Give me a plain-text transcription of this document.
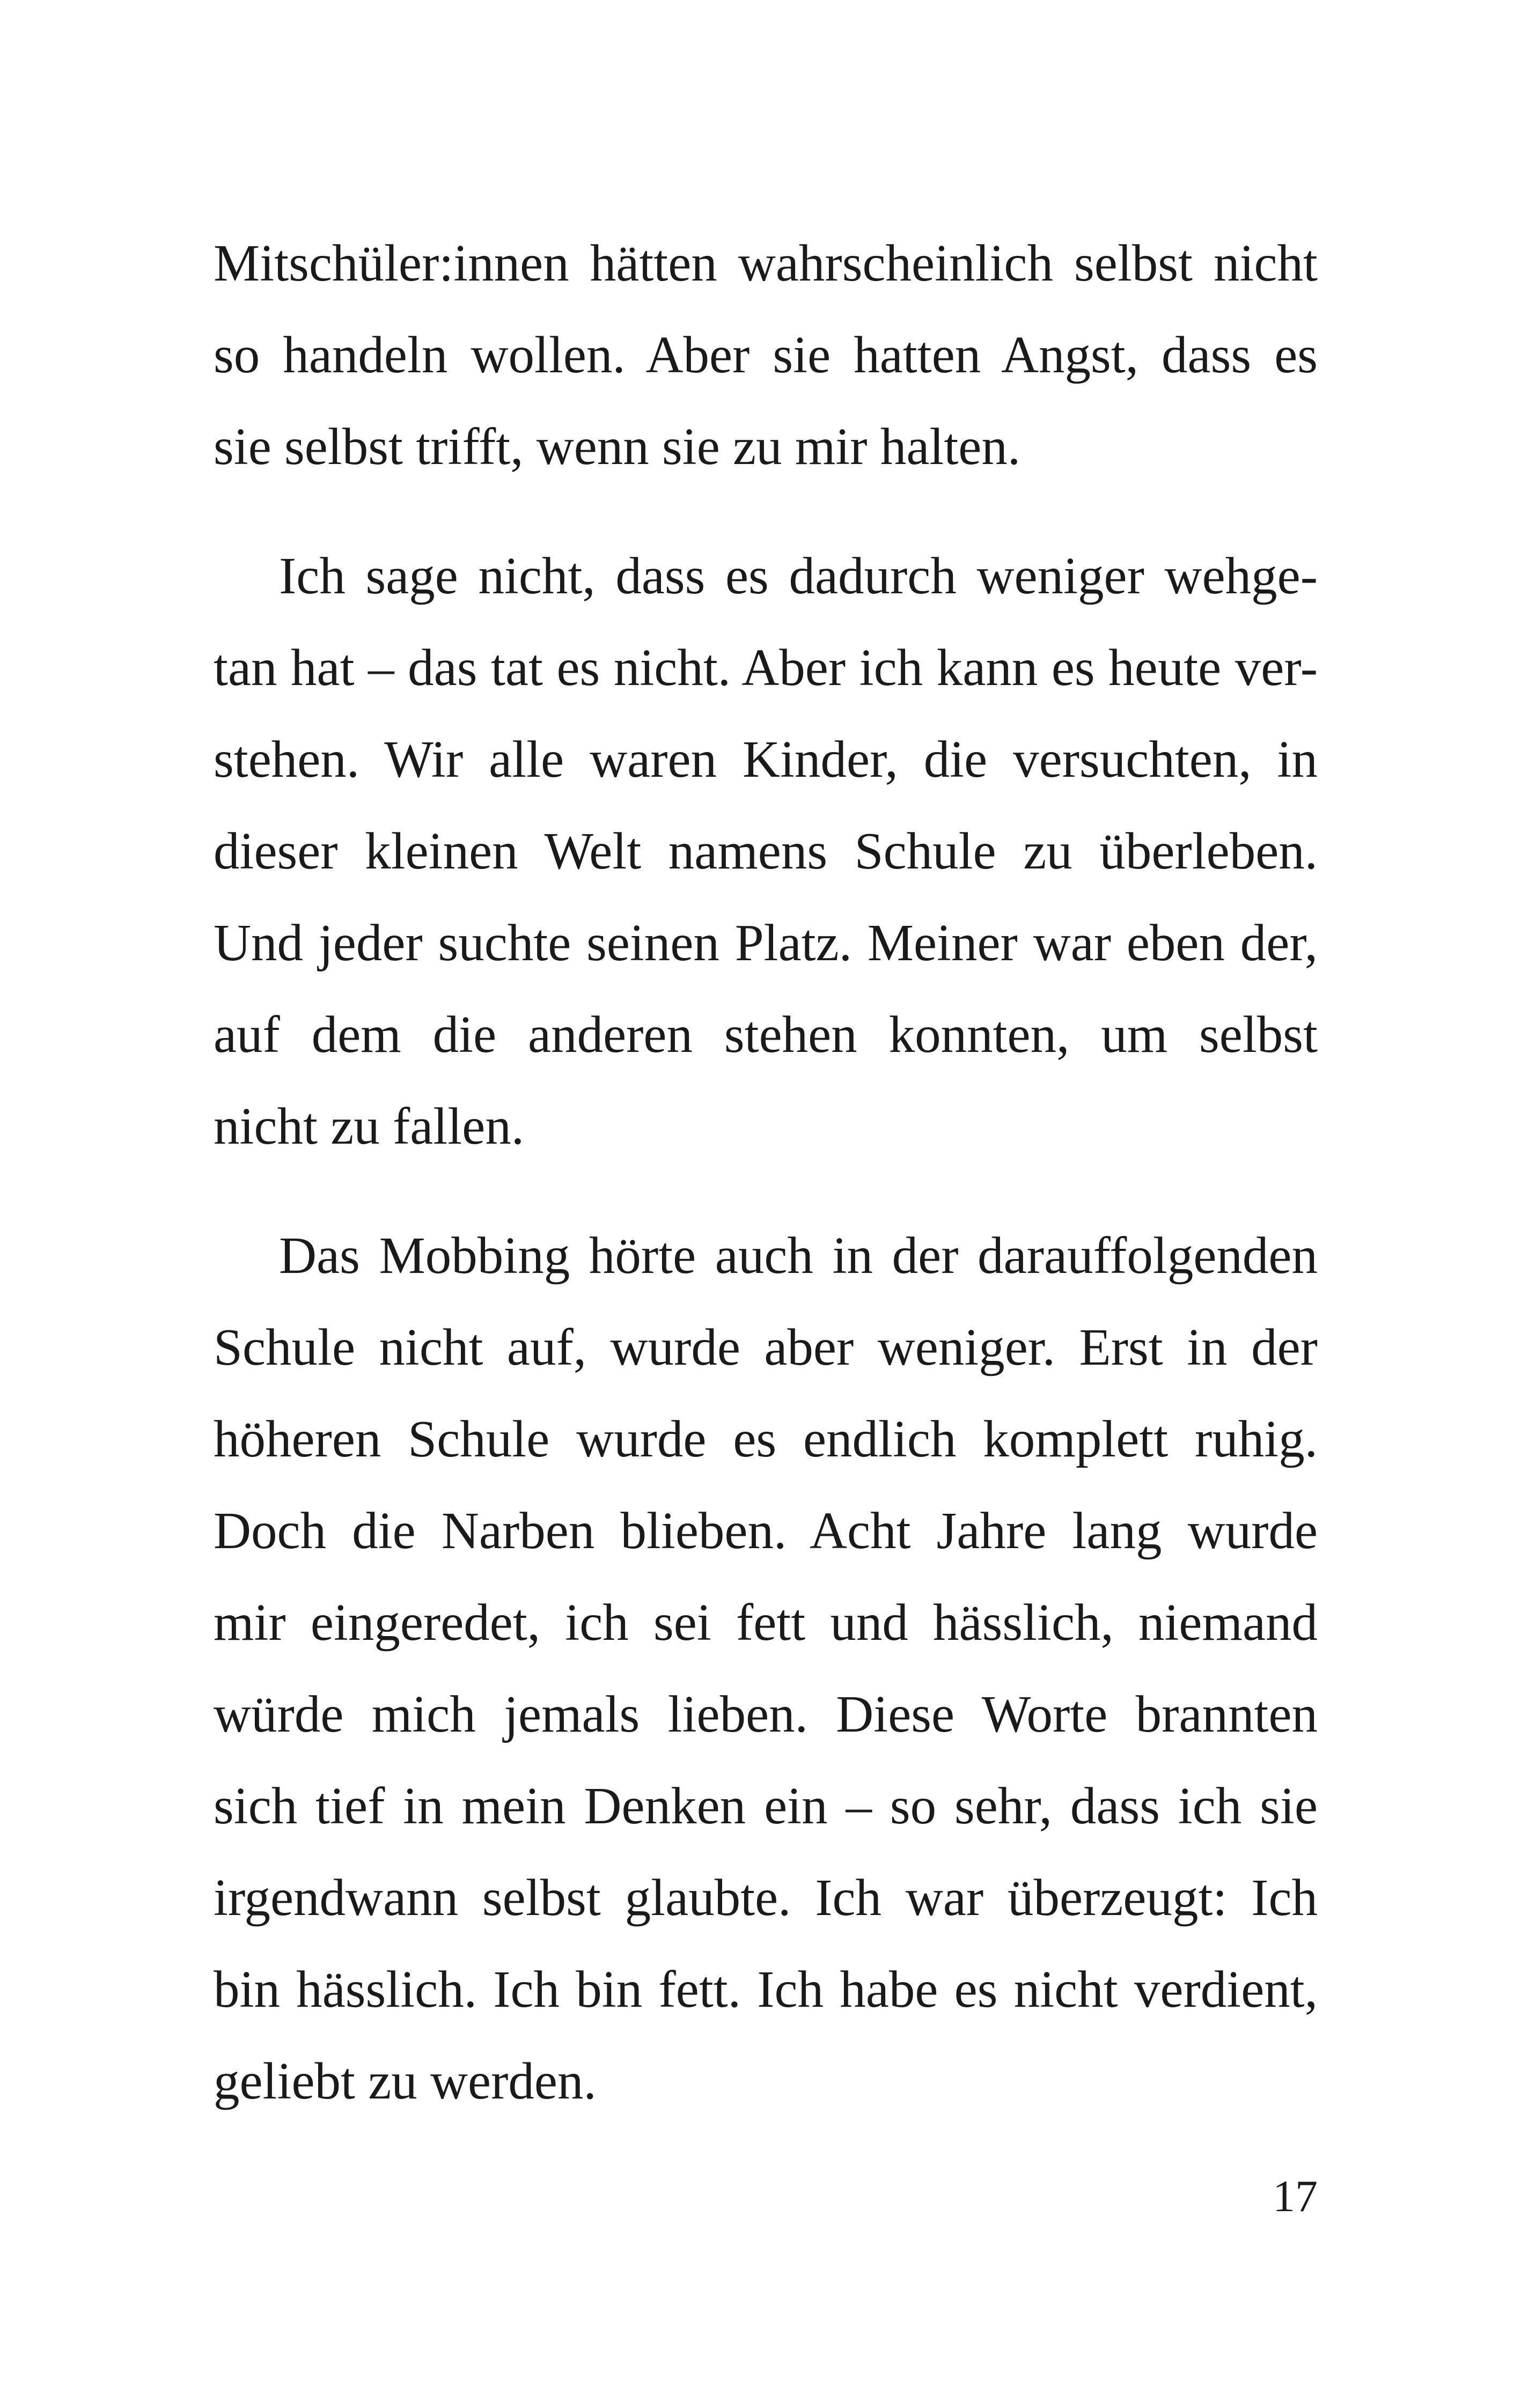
Mitschüler:innen hätten wahrscheinlich selbst nicht
so handeln wollen. Aber sie hatten Angst, dass es
sie selbst trifft, wenn sie zu mir halten.

Ich sage nicht, dass es dadurch weniger wehge-
tan hat – das tat es nicht. Aber ich kann es heute ver-
stehen. Wir alle waren Kinder, die versuchten, in
dieser kleinen Welt namens Schule zu überleben.
Und jeder suchte seinen Platz. Meiner war eben der,
auf dem die anderen stehen konnten, um selbst
nicht zu fallen.

Das Mobbing hörte auch in der darauffolgenden
Schule nicht auf, wurde aber weniger. Erst in der
höheren Schule wurde es endlich komplett ruhig.
Doch die Narben blieben. Acht Jahre lang wurde
mir eingeredet, ich sei fett und hässlich, niemand
würde mich jemals lieben. Diese Worte brannten
sich tief in mein Denken ein – so sehr, dass ich sie
irgendwann selbst glaubte. Ich war überzeugt: Ich
bin hässlich. Ich bin fett. Ich habe es nicht verdient,
geliebt zu werden.

17
